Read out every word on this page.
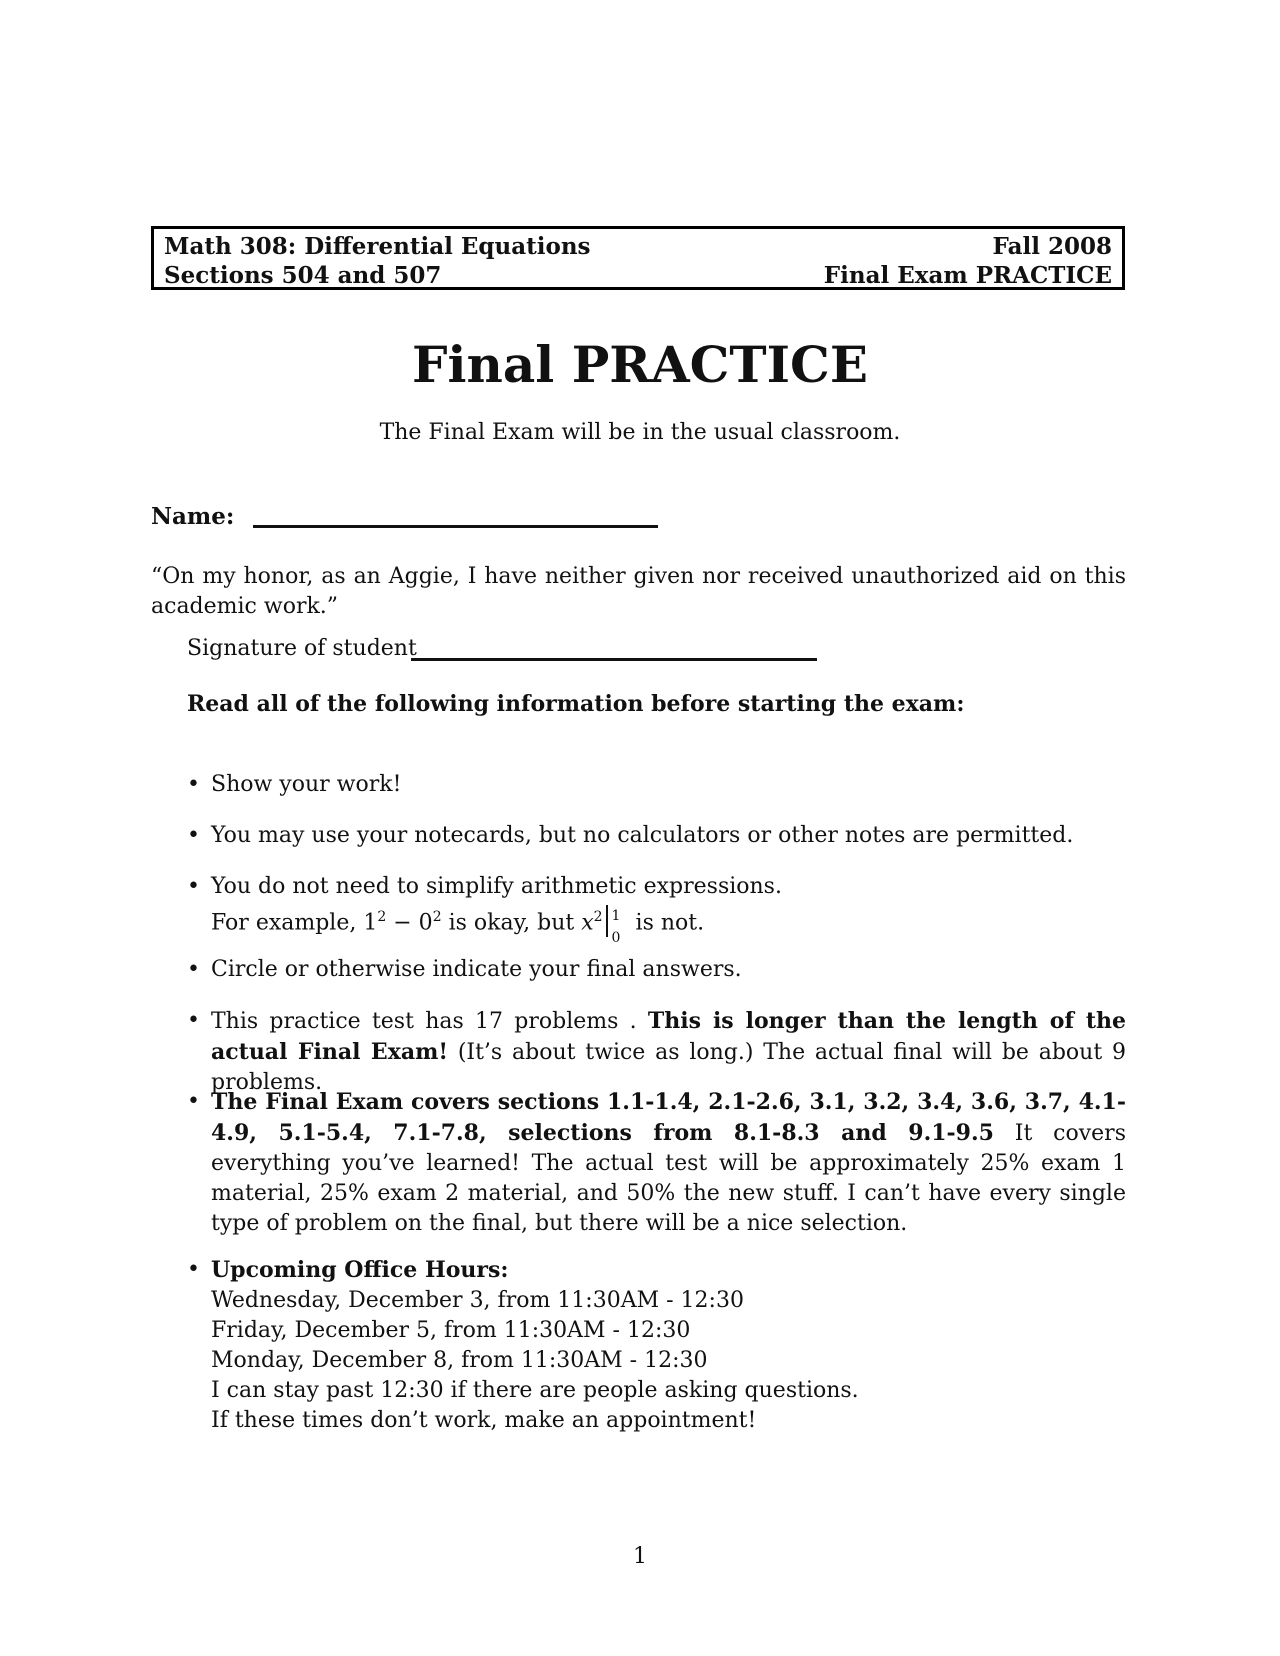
Math 308: Differential Equations	Fall 2008
Sections 504 and 507	Final Exam PRACTICE
Final PRACTICE
The Final Exam will be in the usual classroom.
Name:
“On my honor, as an Aggie, I have neither given nor received unauthorized aid on this academic work.”
Signature of student
Read all of the following information before starting the exam:
• Show your work!
• You may use your notecards, but no calculators or other notes are permitted.
• You do not need to simplify arithmetic expressions.
For example, $1^2 - 0^2$ is okay, but $x^2$ 1
0
is not.
• Circle or otherwise indicate your final answers.
• This practice test has 17 problems . This is longer than the length of the actual Final Exam! (It’s about twice as long.) The actual final will be about 9 problems.
• The Final Exam covers sections 1.1-1.4, 2.1-2.6, 3.1, 3.2, 3.4, 3.6, 3.7, 4.1-4.9, 5.1-5.4, 7.1-7.8, selections from 8.1-8.3 and 9.1-9.5 It covers everything you’ve learned! The actual test will be approximately 25% exam 1 material, 25% exam 2 material, and 50% the new stuff. I can’t have every single type of problem on the final, but there will be a nice selection.
• Upcoming Office Hours:
Wednesday, December 3, from 11:30AM - 12:30
Friday, December 5, from 11:30AM - 12:30
Monday, December 8, from 11:30AM - 12:30
I can stay past 12:30 if there are people asking questions.
If these times don’t work, make an appointment!
1
